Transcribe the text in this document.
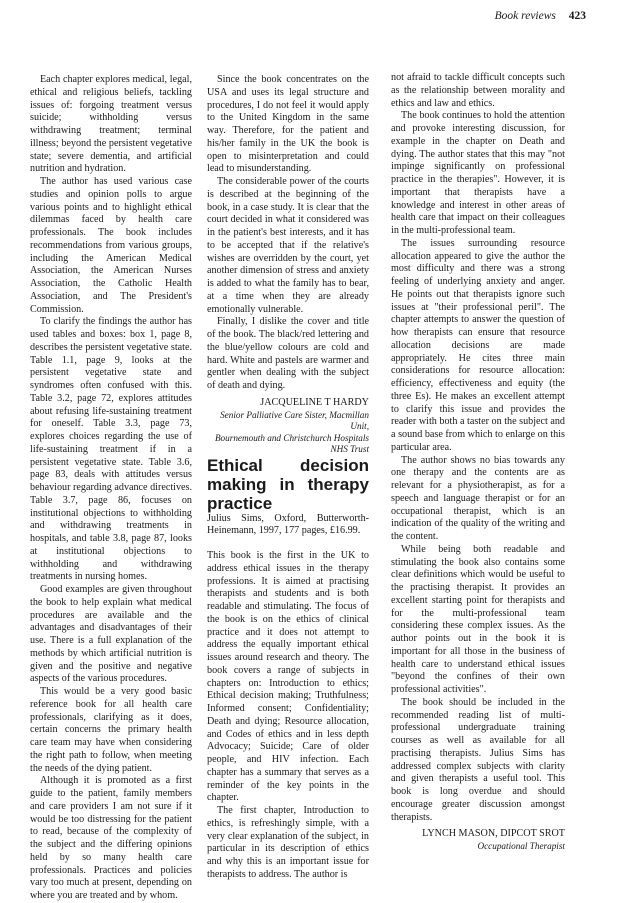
Book reviews 423

Each chapter explores medical, legal, ethical and religious beliefs, tackling issues of: forgoing treatment versus suicide; withholding versus withdrawing treatment; terminal illness; beyond the persistent vegetative state; severe dementia, and artificial nutrition and hydration.

The author has used various case studies and opinion polls to argue various points and to highlight ethical dilemmas faced by health care professionals. The book includes recommendations from various groups, including the American Medical Association, the American Nurses Association, the Catholic Health Association, and The President's Commission.

To clarify the findings the author has used tables and boxes: box 1, page 8, describes the persistent vegetative state. Table 1.1, page 9, looks at the persistent vegetative state and syndromes often confused with this. Table 3.2, page 72, explores attitudes about refusing life-sustaining treatment for oneself. Table 3.3, page 73, explores choices regarding the use of life-sustaining treatment if in a persistent vegetative state. Table 3.6, page 83, deals with attitudes versus behaviour regarding advance directives. Table 3.7, page 86, focuses on institutional objections to withholding and withdrawing treatments in hospitals, and table 3.8, page 87, looks at institutional objections to withholding and withdrawing treatments in nursing homes.

Good examples are given throughout the book to help explain what medical procedures are available and the advantages and disadvantages of their use. There is a full explanation of the methods by which artificial nutrition is given and the positive and negative aspects of the various procedures.

This would be a very good basic reference book for all health care professionals, clarifying as it does, certain concerns the primary health care team may have when considering the right path to follow, when meeting the needs of the dying patient.

Although it is promoted as a first guide to the patient, family members and care providers I am not sure if it would be too distressing for the patient to read, because of the complexity of the subject and the differing opinions held by so many health care professionals. Practices and policies vary too much at present, depending on where you are treated and by whom.

Since the book concentrates on the USA and uses its legal structure and procedures, I do not feel it would apply to the United Kingdom in the same way. Therefore, for the patient and his/her family in the UK the book is open to misinterpretation and could lead to misunderstanding.

The considerable power of the courts is described at the beginning of the book, in a case study. It is clear that the court decided in what it considered was in the patient's best interests, and it has to be accepted that if the relative's wishes are overridden by the court, yet another dimension of stress and anxiety is added to what the family has to bear, at a time when they are already emotionally vulnerable.

Finally, I dislike the cover and title of the book. The black/red lettering and the blue/yellow colours are cold and hard. White and pastels are warmer and gentler when dealing with the subject of death and dying.

JACQUELINE T HARDY
Senior Palliative Care Sister, Macmillan Unit,
Bournemouth and Christchurch Hospitals
NHS Trust

Ethical decision making in therapy practice

Julius Sims, Oxford, Butterworth-Heinemann, 1997, 177 pages, £16.99.

This book is the first in the UK to address ethical issues in the therapy professions. It is aimed at practising therapists and students and is both readable and stimulating. The focus of the book is on the ethics of clinical practice and it does not attempt to address the equally important ethical issues around research and theory. The book covers a range of subjects in chapters on: Introduction to ethics; Ethical decision making; Truthfulness; Informed consent; Confidentiality; Death and dying; Resource allocation, and Codes of ethics and in less depth Advocacy; Suicide; Care of older people, and HIV infection. Each chapter has a summary that serves as a reminder of the key points in the chapter.

The first chapter, Introduction to ethics, is refreshingly simple, with a very clear explanation of the subject, in particular in its description of ethics and why this is an important issue for therapists to address. The author is

not afraid to tackle difficult concepts such as the relationship between morality and ethics and law and ethics.

The book continues to hold the attention and provoke interesting discussion, for example in the chapter on Death and dying. The author states that this may "not impinge significantly on professional practice in the therapies". However, it is important that therapists have a knowledge and interest in other areas of health care that impact on their colleagues in the multi-professional team.

The issues surrounding resource allocation appeared to give the author the most difficulty and there was a strong feeling of underlying anxiety and anger. He points out that therapists ignore such issues at "their professional peril". The chapter attempts to answer the question of how therapists can ensure that resource allocation decisions are made appropriately. He cites three main considerations for resource allocation: efficiency, effectiveness and equity (the three Es). He makes an excellent attempt to clarify this issue and provides the reader with both a taster on the subject and a sound base from which to enlarge on this particular area.

The author shows no bias towards any one therapy and the contents are as relevant for a physiotherapist, as for a speech and language therapist or for an occupational therapist, which is an indication of the quality of the writing and the content.

While being both readable and stimulating the book also contains some clear definitions which would be useful to the practising therapist. It provides an excellent starting point for therapists and for the multi-professional team considering these complex issues. As the author points out in the book it is important for all those in the business of health care to understand ethical issues "beyond the confines of their own professional activities".

The book should be included in the recommended reading list of multi-professional undergraduate training courses as well as available for all practising therapists. Julius Sims has addressed complex subjects with clarity and given therapists a useful tool. This book is long overdue and should encourage greater discussion amongst therapists.

LYNCH MASON, DIPCOT SROT
Occupational Therapist
